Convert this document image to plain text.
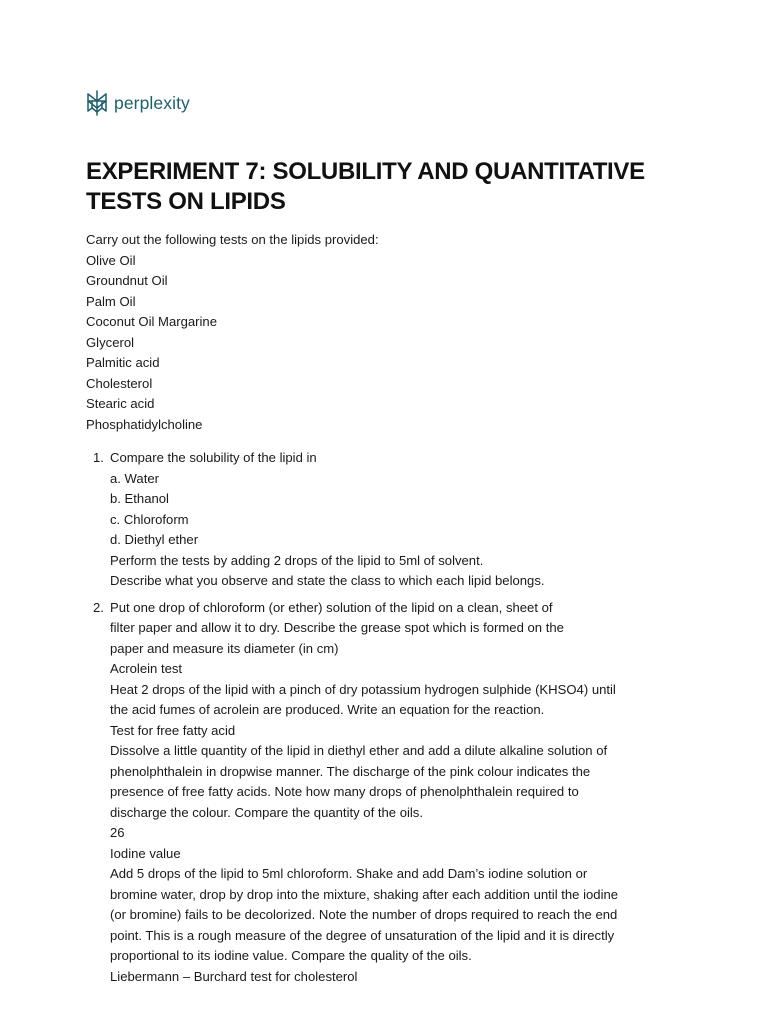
perplexity
EXPERIMENT 7: SOLUBILITY AND QUANTITATIVE TESTS ON LIPIDS

Carry out the following tests on the lipids provided:

Olive Oil
Groundnut Oil
Palm Oil
Coconut Oil Margarine
Glycerol
Palmitic acid
Cholesterol
Stearic acid
Phosphatidylcholine
1. Compare the solubility of the lipid in
a. Water
b. Ethanol
c. Chloroform
d. Diethyl ether
Perform the tests by adding 2 drops of the lipid to 5ml of solvent.
Describe what you observe and state the class to which each lipid belongs.
2. Put one drop of chloroform (or ether) solution of the lipid on a clean, sheet of
filter paper and allow it to dry. Describe the grease spot which is formed on the
paper and measure its diameter (in cm)
Acrolein test
Heat 2 drops of the lipid with a pinch of dry potassium hydrogen sulphide (KHSO4) until
the acid fumes of acrolein are produced. Write an equation for the reaction.
Test for free fatty acid
Dissolve a little quantity of the lipid in diethyl ether and add a dilute alkaline solution of
phenolphthalein in dropwise manner. The discharge of the pink colour indicates the
presence of free fatty acids. Note how many drops of phenolphthalein required to
discharge the colour. Compare the quantity of the oils.
26
Iodine value
Add 5 drops of the lipid to 5ml chloroform. Shake and add Dam’s iodine solution or
bromine water, drop by drop into the mixture, shaking after each addition until the iodine
(or bromine) fails to be decolorized. Note the number of drops required to reach the end
point. This is a rough measure of the degree of unsaturation of the lipid and it is directly
proportional to its iodine value. Compare the quality of the oils.
Liebermann – Burchard test for cholesterol
